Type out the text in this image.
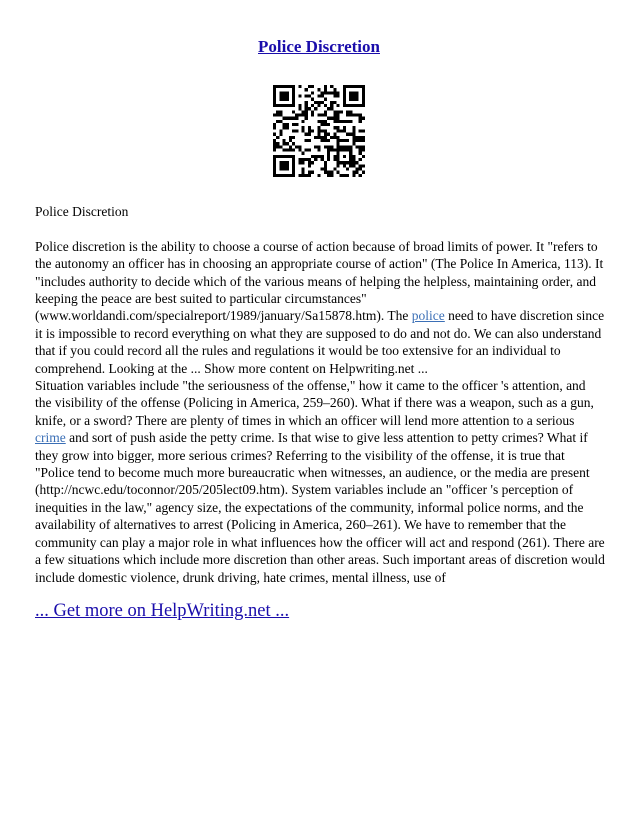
Police Discretion

Police Discretion

Police discretion is the ability to choose a course of action because of broad limits of power. It "refers to the autonomy an officer has in choosing an appropriate course of action" (The Police In America, 113). It "includes authority to decide which of the various means of helping the helpless, maintaining order, and keeping the peace are best suited to particular circumstances" (www.worldandi.com/specialreport/1989/january/Sa15878.htm). The police need to have discretion since it is impossible to record everything on what they are supposed to do and not do. We can also understand that if you could record all the rules and regulations it would be too extensive for an individual to comprehend. Looking at the ... Show more content on Helpwriting.net ...

Situation variables include "the seriousness of the offense," how it came to the officer 's attention, and the visibility of the offense (Policing in America, 259–260). What if there was a weapon, such as a gun, knife, or a sword? There are plenty of times in which an officer will lend more attention to a serious crime and sort of push aside the petty crime. Is that wise to give less attention to petty crimes? What if they grow into bigger, more serious crimes? Referring to the visibility of the offense, it is true that "Police tend to become much more bureaucratic when witnesses, an audience, or the media are present (http://ncwc.edu/toconnor/205/205lect09.htm). System variables include an "officer 's perception of inequities in the law," agency size, the expectations of the community, informal police norms, and the availability of alternatives to arrest (Policing in America, 260–261). We have to remember that the community can play a major role in what influences how the officer will act and respond (261). There are a few situations which include more discretion than other areas. Such important areas of discretion would include domestic violence, drunk driving, hate crimes, mental illness, use of

... Get more on HelpWriting.net ...
